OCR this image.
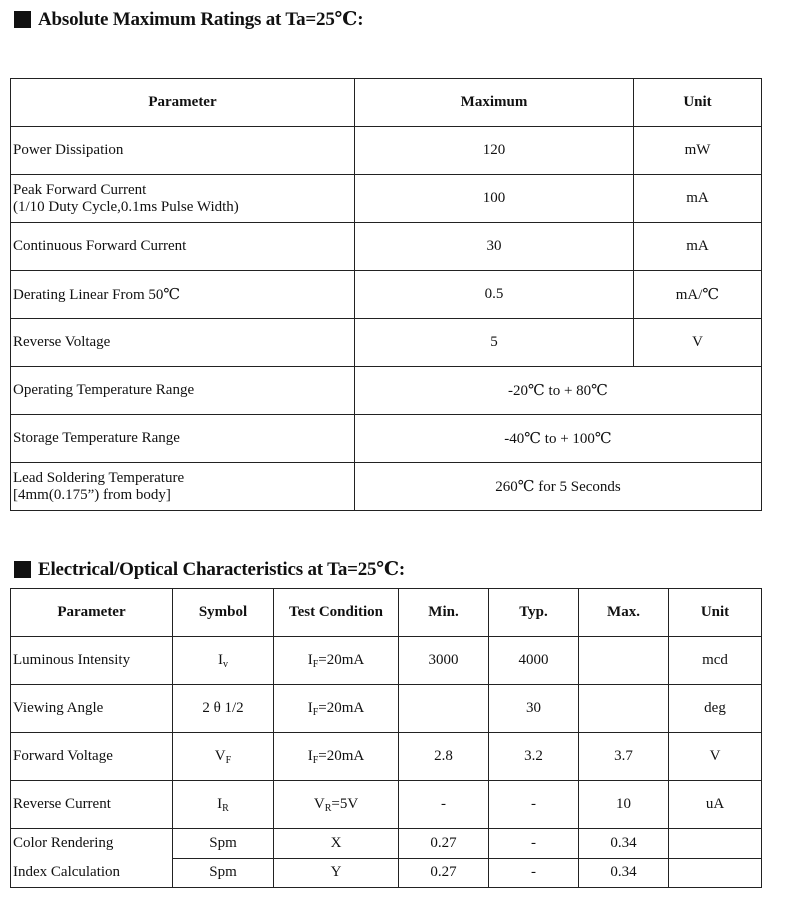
Absolute Maximum Ratings at Ta=25℃:
Parameter	Maximum	Unit
Power Dissipation	120	mW

Peak Forward Current
(1/10 Duty Cycle,0.1ms Pulse Width)	100	mA
Continuous Forward Current	30	mA
Derating Linear From 50℃	0.5	mA/℃
Reverse Voltage	5	V
Operating Temperature Range	-20℃ to + 80℃	
Storage Temperature Range	-40℃ to + 100℃	

Lead Soldering Temperature
[4mm(0.175”) from body]	260℃ for 5 Seconds	
Electrical/Optical Characteristics at Ta=25℃:
Parameter	Symbol	Test Condition	Min.	Typ.	Max.	Unit
Luminous Intensity	$I_v$	$I_F=20mA$	3000	4000		mcd
Viewing Angle	2 θ 1/2	$I_F=20mA$		30		deg
Forward Voltage	$V_F$	$I_F=20mA$	2.8	3.2	3.7	V
Reverse Current	$I_R$	$V_R=5V$	-	-	10	uA

Color Rendering
Index Calculation	Spm	X	0.27	-	0.34	
	Spm	Y	0.27	-	0.34	
